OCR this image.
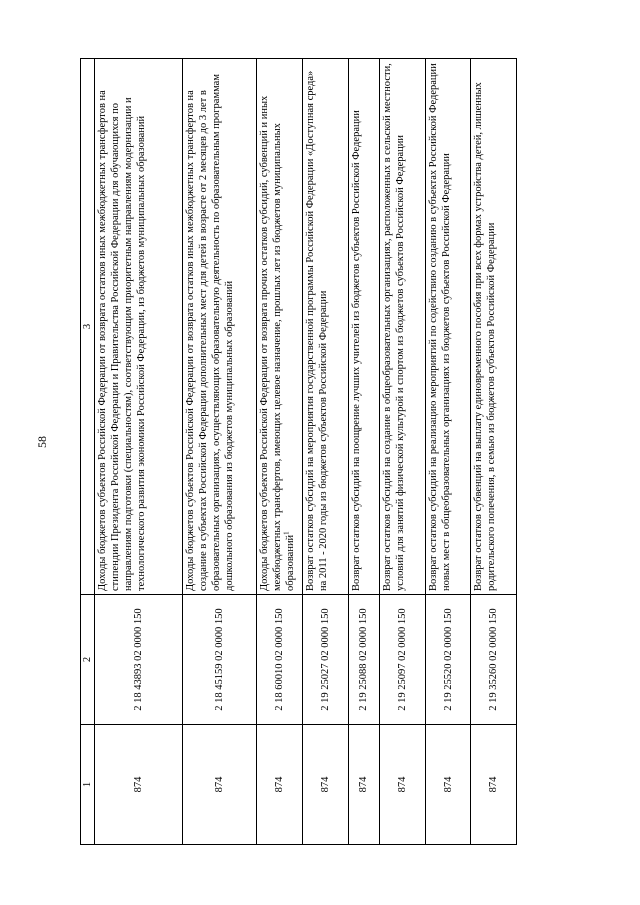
58
1	2	3
874	2 18 43893 02 0000 150	Доходы бюджетов субъектов Российской Федерации от возврата остатков иных межбюджетных трансфертов на стипендии Президента Российской Федерации и Правительства Российской Федерации для обучающихся по направлениям подготовки (специальностям), соответствующим приоритетным направлениям модернизации и технологического развития экономики Российской Федерации, из бюджетов муниципальных образований
874	2 18 45159 02 0000 150	Доходы бюджетов субъектов Российской Федерации от возврата остатков иных межбюджетных трансфертов на создание в субъектах Российской Федерации дополнительных мест для детей в возрасте от 2 месяцев до 3 лет в образовательных организациях, осуществляющих образовательную деятельность по образовательным программам дошкольного образования из бюджетов муниципальных образований
874	2 18 60010 02 0000 150	Доходы бюджетов субъектов Российской Федерации от возврата прочих остатков субсидий, субвенций и иных межбюджетных трансфертов, имеющих целевое назначение, прошлых лет из бюджетов муниципальных образований$^1$
874	2 19 25027 02 0000 150	Возврат остатков субсидий на мероприятия государственной программы Российской Федерации «Доступная среда» на 2011 - 2020 годы из бюджетов субъектов Российской Федерации
874	2 19 25088 02 0000 150	Возврат остатков субсидий на поощрение лучших учителей из бюджетов субъектов Российской Федерации
874	2 19 25097 02 0000 150	Возврат остатков субсидий на создание в общеобразовательных организациях, расположенных в сельской местности, условий для занятий физической культурой и спортом из бюджетов субъектов Российской Федерации
874	2 19 25520 02 0000 150	Возврат остатков субсидий на реализацию мероприятий по содействию созданию в субъектах Российской Федерации новых мест в общеобразовательных организациях из бюджетов субъектов Российской Федерации
874	2 19 35260 02 0000 150	Возврат остатков субвенций на выплату единовременного пособия при всех формах устройства детей, лишенных родительского попечения, в семью из бюджетов субъектов Российской Федерации
